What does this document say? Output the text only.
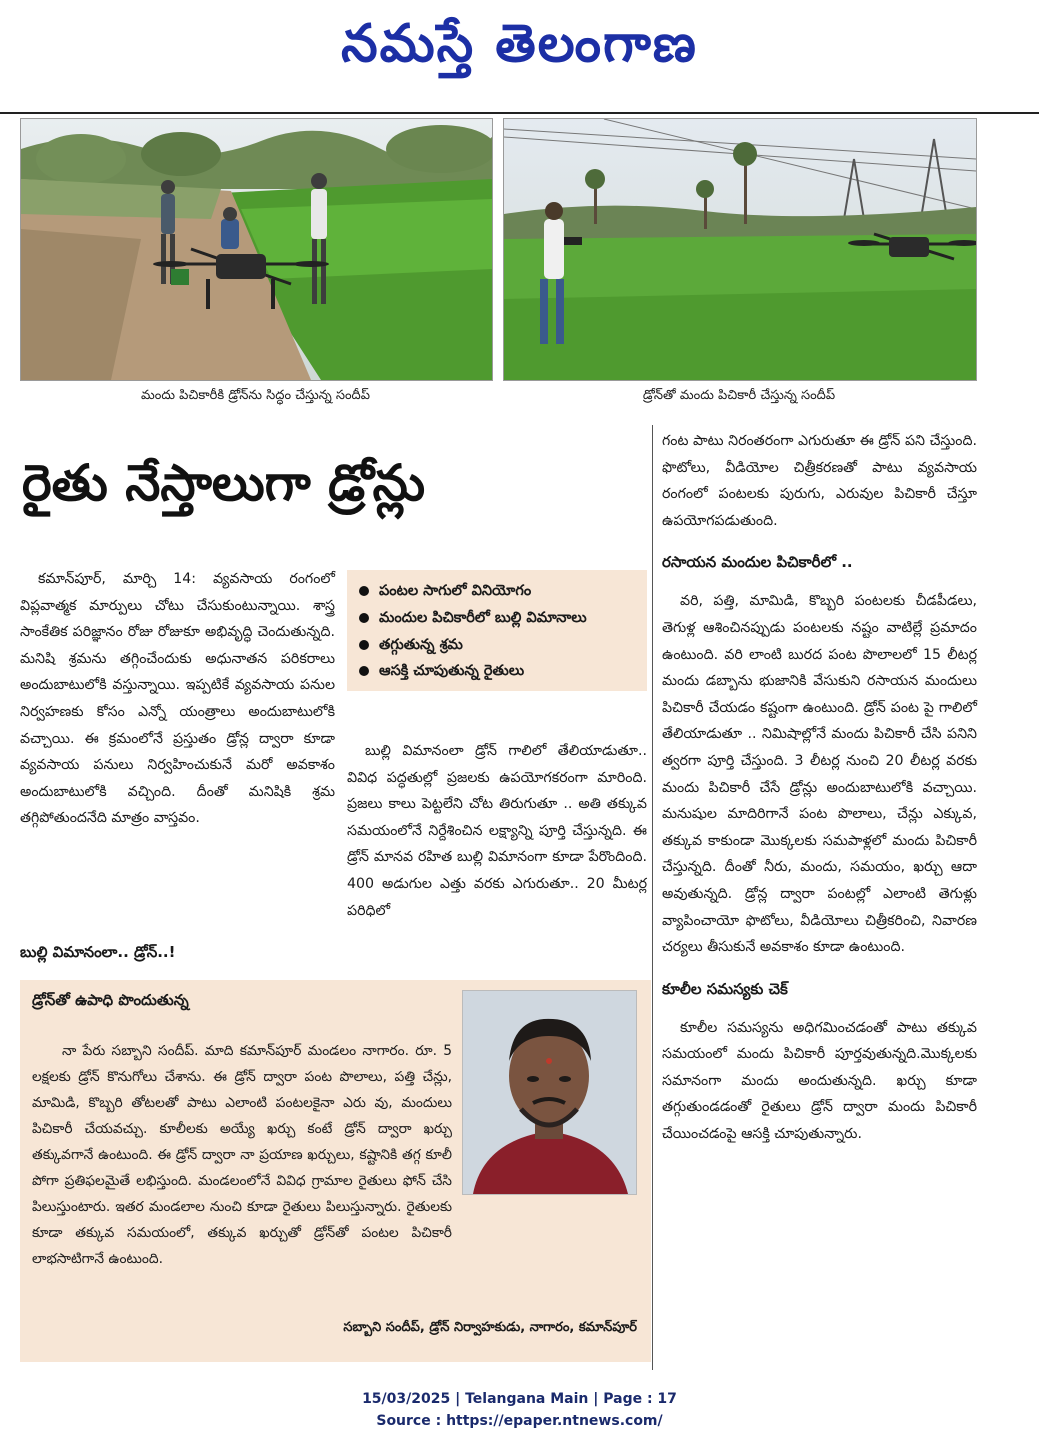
నమస్తే తెలంగాణ
మందు పిచికారీకి డ్రోన్‌ను సిద్ధం చేస్తున్న సందీప్‌	డ్రోన్‌తో మందు పిచికారీ చేస్తున్న సందీప్‌
రైతు నేస్తాలుగా డ్రోన్లు

కమాన్‌పూర్‌, మార్చి 14: వ్యవసాయ రంగంలో విప్లవాత్మక మార్పులు చోటు చేసుకుంటున్నాయి. శాస్త్ర సాంకేతిక పరిజ్ఞానం రోజు రోజుకూ అభివృద్ధి చెందుతున్నది. మనిషి శ్రమను తగ్గించేందుకు అధునాతన పరికరాలు అందుబాటులోకి వస్తున్నాయి. ఇప్పటికే వ్యవసాయ పనుల నిర్వహణకు కోసం ఎన్నో యంత్రాలు అందుబాటులోకి వచ్చాయి. ఈ క్రమంలోనే ప్రస్తుతం డ్రోన్ల ద్వారా కూడా వ్యవసాయ పనులు నిర్వహించుకునే మరో అవకాశం అందుబాటులోకి వచ్చింది. దీంతో మనిషికి శ్రమ తగ్గిపోతుందనేది మాత్రం వాస్తవం.

బుల్లి విమానంలా.. డ్రోన్‌..!
పంటల సాగులో వినియోగం
మందుల పిచికారీలో బుల్లి విమానాలు
తగ్గుతున్న శ్రమ
ఆసక్తి చూపుతున్న రైతులు

బుల్లి విమానంలా డ్రోన్‌ గాలిలో తేలియాడుతూ.. వివిధ పద్ధతుల్లో ప్రజలకు ఉపయోగకరంగా మారింది. ప్రజలు కాలు పెట్టలేని చోట తిరుగుతూ .. అతి తక్కువ సమయంలోనే నిర్దేశించిన లక్ష్యాన్ని పూర్తి చేస్తున్నది. ఈ డ్రోన్‌ మానవ రహిత బుల్లి విమానంగా కూడా పేరొందింది. 400 అడుగుల ఎత్తు వరకు ఎగురుతూ.. 20 మీటర్ల పరిధిలో

గంట పాటు నిరంతరంగా ఎగురుతూ ఈ డ్రోన్‌ పని చేస్తుంది. ఫొటోలు, వీడియోల చిత్రీకరణతో పాటు వ్యవసాయ రంగంలో పంటలకు పురుగు, ఎరువుల పిచికారీ చేస్తూ ఉపయోగపడుతుంది.

రసాయన మందుల పిచికారీలో ..

వరి, పత్తి, మామిడి, కొబ్బరి పంటలకు చీడపీడలు, తెగుళ్ల ఆశించినప్పుడు పంటలకు నష్టం వాటిల్లే ప్రమాదం ఉంటుంది. వరి లాంటి బురద పంట పొలాలలో 15 లీటర్ల మందు డబ్బాను భుజానికి వేసుకుని రసాయన మందులు పిచికారీ చేయడం కష్టంగా ఉంటుంది. డ్రోన్‌ పంట పై గాలిలో తేలియాడుతూ .. నిమిషాల్లోనే మందు పిచికారీ చేసి పనిని త్వరగా పూర్తి చేస్తుంది. 3 లీటర్ల నుంచి 20 లీటర్ల వరకు మందు పిచికారీ చేసే డ్రోన్లు అందుబాటులోకి వచ్చాయి. మనుషుల మాదిరిగానే పంట పొలాలు, చేన్లు ఎక్కువ, తక్కువ కాకుండా మొక్కలకు సమపాళ్లలో మందు పిచికారీ చేస్తున్నది. దీంతో నీరు, మందు, సమయం, ఖర్చు ఆదా అవుతున్నది. డ్రోన్ల ద్వారా పంటల్లో ఎలాంటి తెగుళ్లు వ్యాపించాయో ఫొటోలు, వీడియోలు చిత్రీకరించి, నివారణ చర్యలు తీసుకునే అవకాశం కూడా ఉంటుంది.

కూలీల సమస్యకు చెక్‌

కూలీల సమస్యను అధిగమించడంతో పాటు తక్కువ సమయంలో మందు పిచికారీ పూర్తవుతున్నది.మొక్కలకు సమానంగా మందు అందుతున్నది. ఖర్చు కూడా తగ్గుతుండడంతో రైతులు డ్రోన్‌ ద్వారా మందు పిచికారీ చేయించడంపై ఆసక్తి చూపుతున్నారు.

డ్రోన్‌తో ఉపాధి పొందుతున్న
నా పేరు సబ్బాని సందీప్‌. మాది కమాన్‌పూర్‌ మండలం నాగారం. రూ. 5 లక్షలకు డ్రోన్‌ కొనుగోలు చేశాను. ఈ డ్రోన్‌ ద్వారా పంట పొలాలు, పత్తి చేన్లు, మామిడి, కొబ్బరి తోటలతో పాటు ఎలాంటి పంటలకైనా ఎరు వు, మందులు పిచికారీ చేయవచ్చు. కూలీలకు అయ్యే ఖర్చు కంటే డ్రోన్‌ ద్వారా ఖర్చు తక్కువగానే ఉంటుంది. ఈ డ్రోన్‌ ద్వారా నా ప్రయాణ ఖర్చులు, కష్టానికి తగ్గ కూలీ పోగా ప్రతిఫలమైతే లభిస్తుంది. మండలంలోనే వివిధ గ్రామాల రైతులు ఫోన్‌ చేసి పిలుస్తుంటారు. ఇతర మండలాల నుంచి కూడా రైతులు పిలుస్తున్నారు. రైతులకు కూడా తక్కువ సమయంలో, తక్కువ ఖర్చుతో డ్రోన్‌తో పంటల పిచికారీ లాభసాటిగానే ఉంటుంది.
సబ్బాని సందీప్‌, డ్రోన్‌ నిర్వాహకుడు, నాగారం, కమాన్‌పూర్‌
15/03/2025 | Telangana Main | Page : 17
Source : https://epaper.ntnews.com/
